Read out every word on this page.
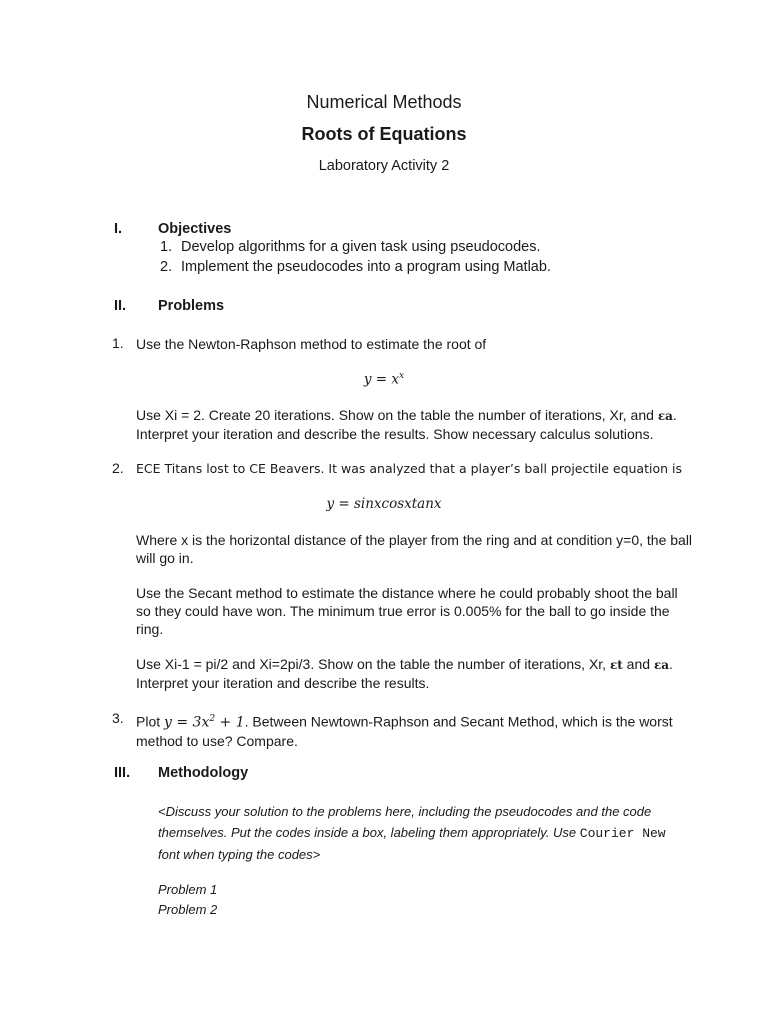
Numerical Methods
Roots of Equations
Laboratory Activity 2
I. Objectives
1. Develop algorithms for a given task using pseudocodes.
2. Implement the pseudocodes into a program using Matlab.
II. Problems
1. Use the Newton-Raphson method to estimate the root of
$y = x^x$
Use Xi = 2. Create 20 iterations. Show on the table the number of iterations, Xr, and εa.
Interpret your iteration and describe the results. Show necessary calculus solutions.
2. ECE Titans lost to CE Beavers. It was analyzed that a player’s ball projectile equation is
y = sinxcosxtanx
Where x is the horizontal distance of the player from the ring and at condition y=0, the ball will go in.
Use the Secant method to estimate the distance where he could probably shoot the ball so they could have won. The minimum true error is 0.005% for the ball to go inside the ring.
Use Xi-1 = pi/2 and Xi=2pi/3. Show on the table the number of iterations, Xr, εt and εa.
Interpret your iteration and describe the results.
3. Plot $y = 3x^2 + 1$. Between Newtown-Raphson and Secant Method, which is the worst
method to use? Compare.
III. Methodology
<Discuss your solution to the problems here, including the pseudocodes and the code themselves. Put the codes inside a box, labeling them appropriately. Use Courier New font when typing the codes>
Problem 1
Problem 2
